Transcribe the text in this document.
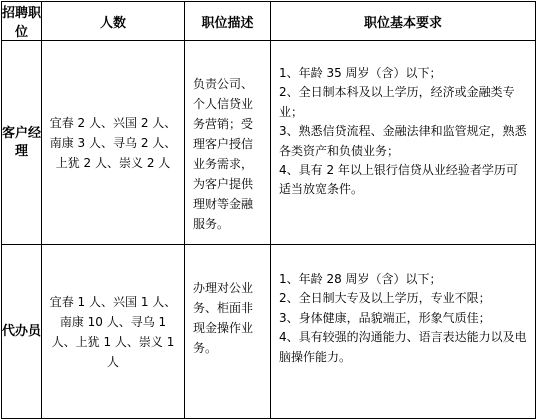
招聘职位	人数	职位描述	职位基本要求
客户经理	宜春 2 人、兴国 2 人、南康 3 人、寻乌 2 人、上犹 2 人、崇义 2 人	负责公司、个人信贷业务营销；受理客户授信业务需求，为客户提供理财等金融服务。	1、年龄 35 周岁（含）以下；
2、全日制本科及以上学历，经济或金融类专业；
3、熟悉信贷流程、金融法律和监管规定，熟悉各类资产和负债业务；
4、具有 2 年以上银行信贷从业经验者学历可适当放宽条件。

代办员	宜春 1 人、兴国 1 人、南康 10 人、寻乌 1 人、上犹 1 人、崇义 1 人	办理对公业务、柜面非现金操作业务。	1、年龄 28 周岁（含）以下；
2、全日制大专及以上学历，专业不限；
3、身体健康，品貌端正，形象气质佳；
4、具有较强的沟通能力、语言表达能力以及电脑操作能力。
